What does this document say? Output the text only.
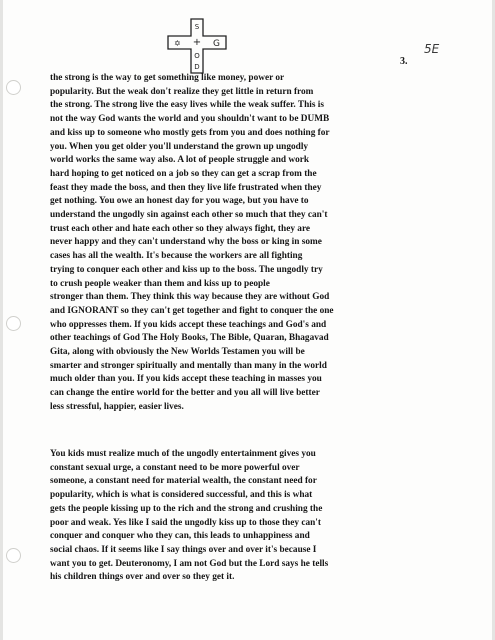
✡
S
+ G
O
D
5E
3.

the strong is the way to get something like money, power or
popularity. But the weak don't realize they get little in return from
the strong. The strong live the easy lives while the weak suffer. This is
not the way God wants the world and you shouldn't want to be DUMB
and kiss up to someone who mostly gets from you and does nothing for
you. When you get older you'll understand the grown up ungodly
world works the same way also. A lot of people struggle and work
hard hoping to get noticed on a job so they can get a scrap from the
feast they made the boss, and then they live life frustrated when they
get nothing. You owe an honest day for you wage, but you have to
understand the ungodly sin against each other so much that they can't
trust each other and hate each other so they always fight, they are
never happy and they can't understand why the boss or king in some
cases has all the wealth. It's because the workers are all fighting
trying to conquer each other and kiss up to the boss. The ungodly try
to crush people weaker than them and kiss up to people
stronger than them. They think this way because they are without God
and IGNORANT so they can't get together and fight to conquer the one
who oppresses them. If you kids accept these teachings and God's and
other teachings of God The Holy Books, The Bible, Quaran, Bhagavad
Gita, along with obviously the New Worlds Testamen you will be
smarter and stronger spiritually and mentally than many in the world
much older than you. If you kids accept these teaching in masses you
can change the entire world for the better and you all will live better
less stressful, happier, easier lives.

You kids must realize much of the ungodly entertainment gives you
constant sexual urge, a constant need to be more powerful over
someone, a constant need for material wealth, the constant need for
popularity, which is what is considered successful, and this is what
gets the people kissing up to the rich and the strong and crushing the
poor and weak. Yes like I said the ungodly kiss up to those they can't
conquer and conquer who they can, this leads to unhappiness and
social chaos. If it seems like I say things over and over it's because I
want you to get. Deuteronomy, I am not God but the Lord says he tells
his children things over and over so they get it.
